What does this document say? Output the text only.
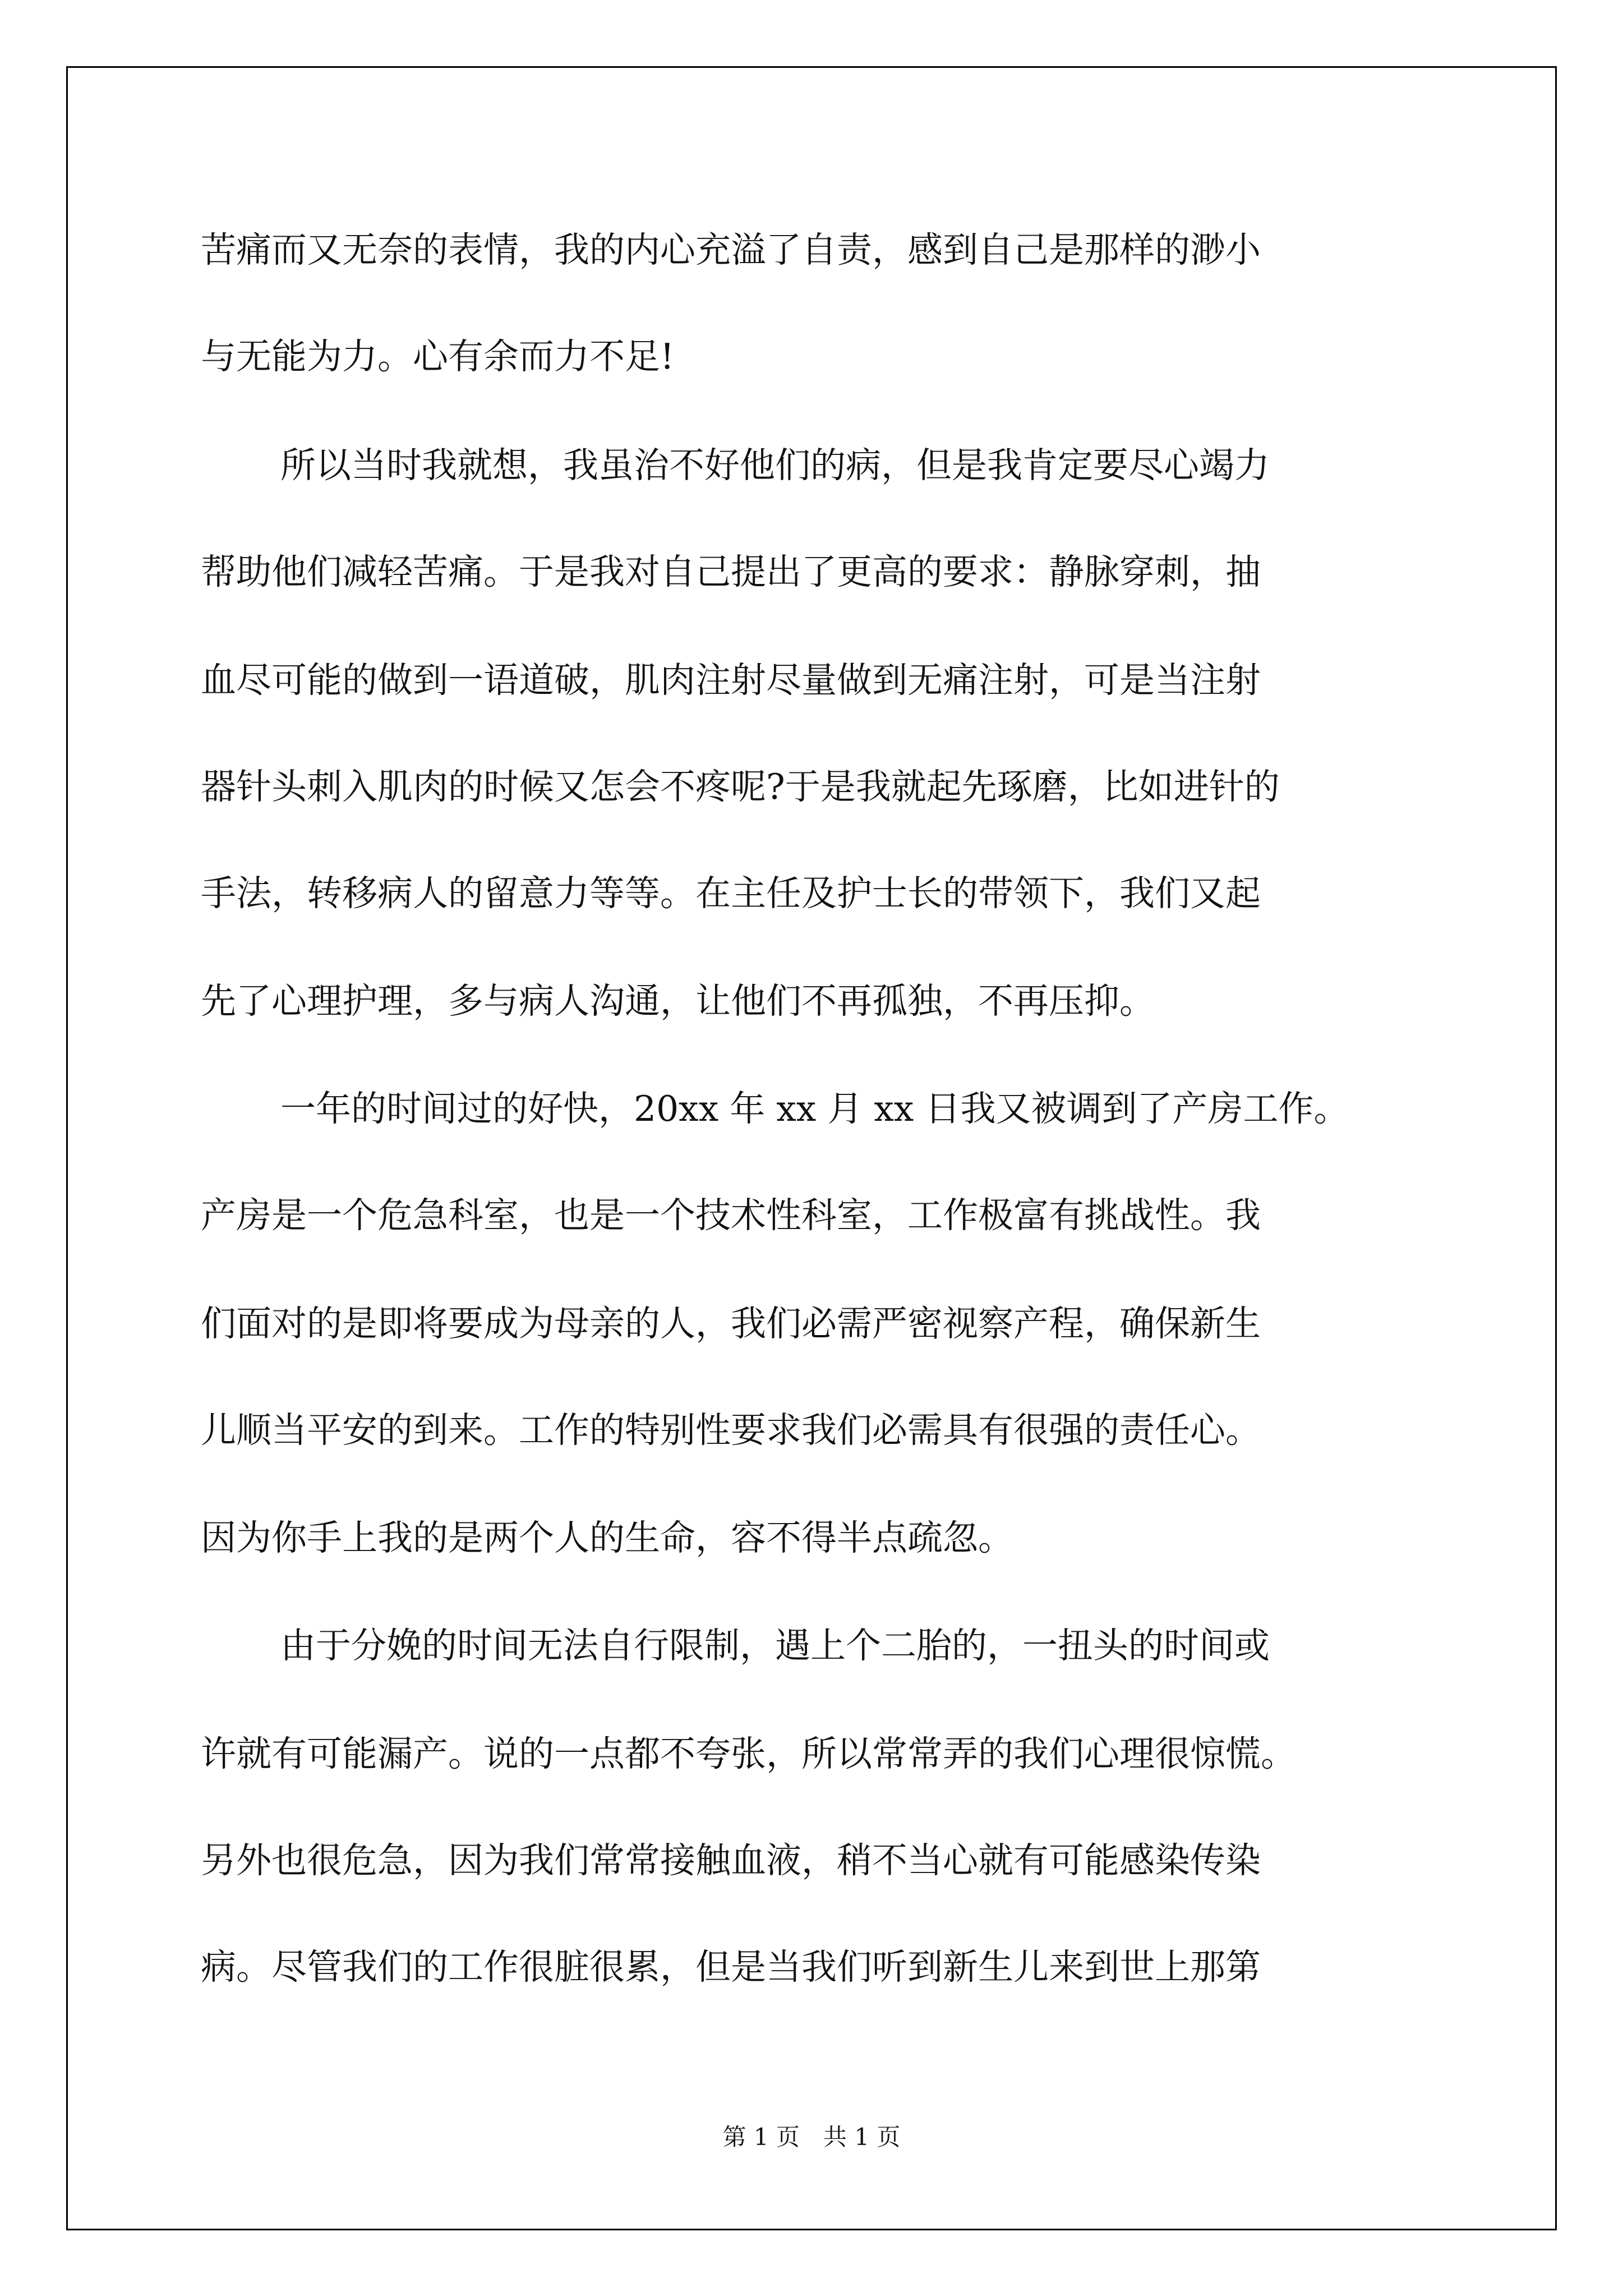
苦痛而又无奈的表情，我的内心充溢了自责，感到自己是那样的渺小
与无能为力。心有余而力不足!
所以当时我就想，我虽治不好他们的病，但是我肯定要尽心竭力
帮助他们减轻苦痛。于是我对自己提出了更高的要求：静脉穿刺，抽
血尽可能的做到一语道破，肌肉注射尽量做到无痛注射，可是当注射
器针头刺入肌肉的时候又怎会不疼呢?于是我就起先琢磨，比如进针的
手法，转移病人的留意力等等。在主任及护士长的带领下，我们又起
先了心理护理，多与病人沟通，让他们不再孤独，不再压抑。
一年的时间过的好快，20xx 年 xx 月 xx 日我又被调到了产房工作。
产房是一个危急科室，也是一个技术性科室，工作极富有挑战性。我
们面对的是即将要成为母亲的人，我们必需严密视察产程，确保新生
儿顺当平安的到来。工作的特别性要求我们必需具有很强的责任心。
因为你手上我的是两个人的生命，容不得半点疏忽。
由于分娩的时间无法自行限制，遇上个二胎的，一扭头的时间或
许就有可能漏产。说的一点都不夸张，所以常常弄的我们心理很惊慌。
另外也很危急，因为我们常常接触血液，稍不当心就有可能感染传染
病。尽管我们的工作很脏很累，但是当我们听到新生儿来到世上那第
第 1 页　共 1 页
